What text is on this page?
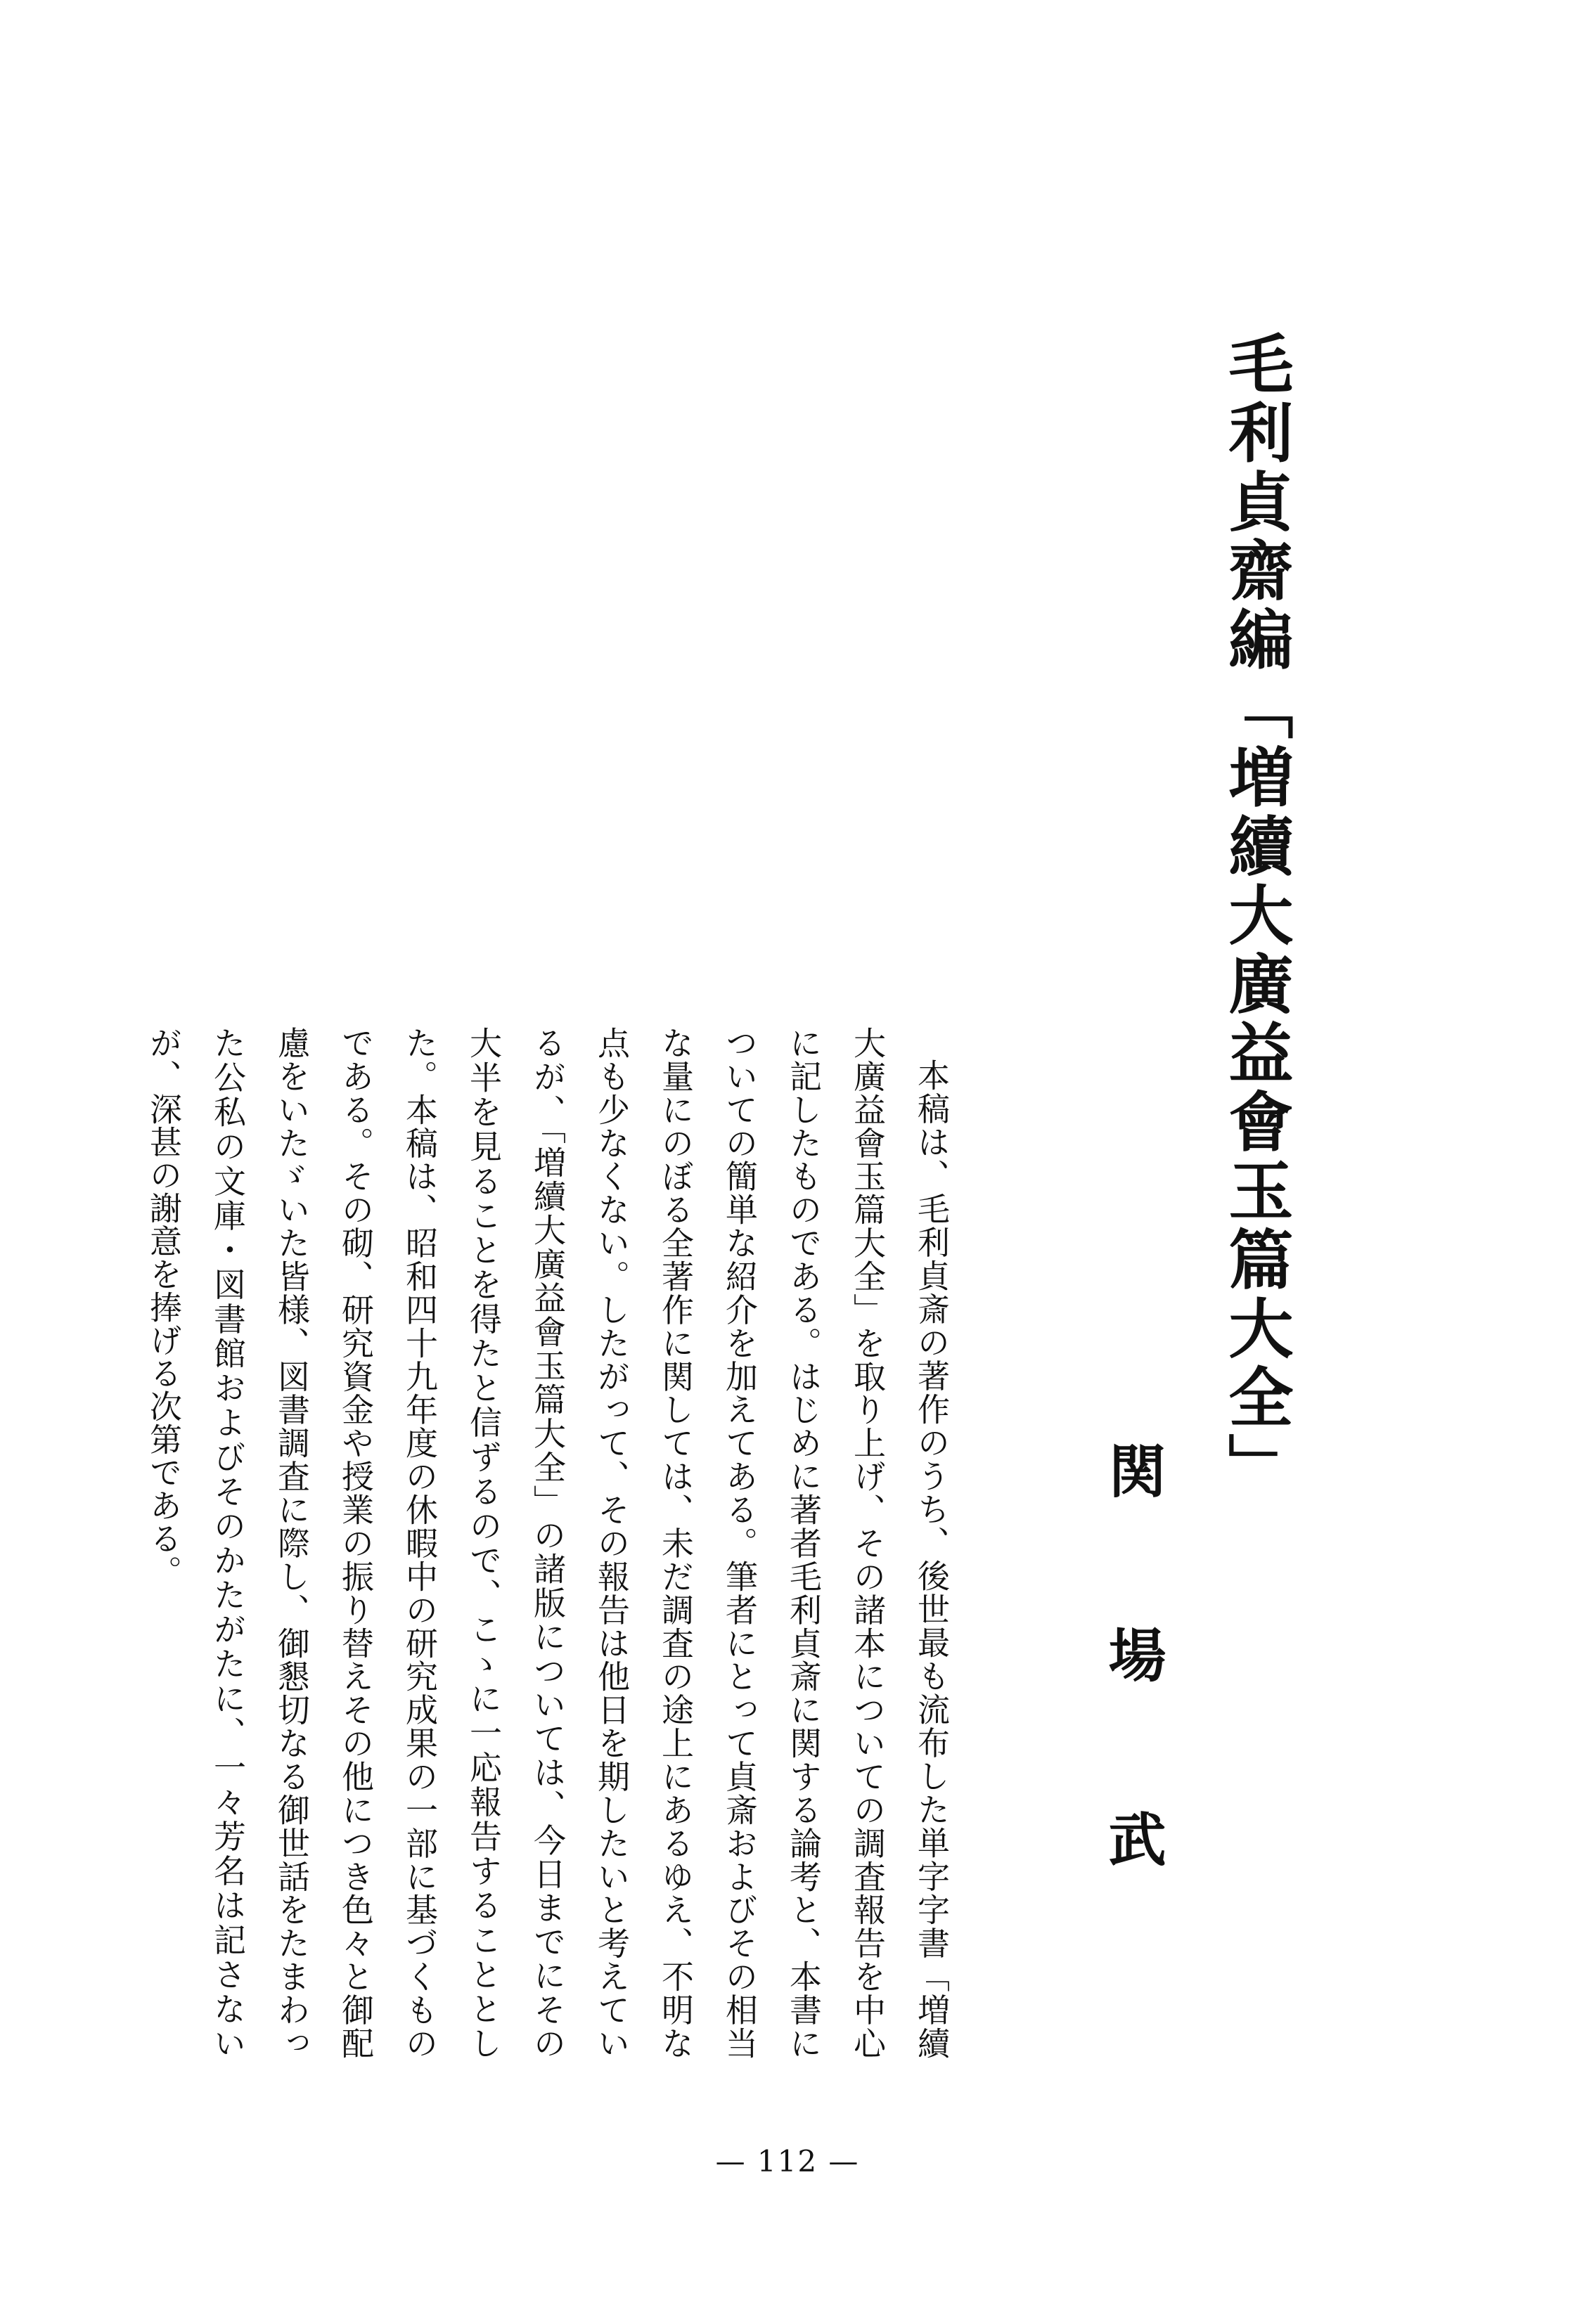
毛利貞齋編「増續大廣益會玉篇大全」
関場武

本稿は、毛利貞斎の著作のうち、後世最も流布した単字字書「増續大廣益會玉篇大全」を取り上げ、その諸本についての調査報告を中心に記したものである。はじめに著者毛利貞斎に関する論考と、本書についての簡単な紹介を加えてある。筆者にとって貞斎およびその相当な量にのぼる全著作に関しては、未だ調査の途上にあるゆえ、不明な点も少なくない。したがって、その報告は他日を期したいと考えているが、「増續大廣益會玉篇大全」の諸版については、今日までにその大半を見ることを得たと信ずるので、こゝに一応報告することとした。本稿は、昭和四十九年度の休暇中の研究成果の一部に基づくものである。その砌、研究資金や授業の振り替えその他につき色々と御配慮をいたゞいた皆様、図書調査に際し、御懇切なる御世話をたまわった公私の文庫・図書館およびそのかたがたに、一々芳名は記さないが、深甚の謝意を捧げる次第である。

— 112 —
